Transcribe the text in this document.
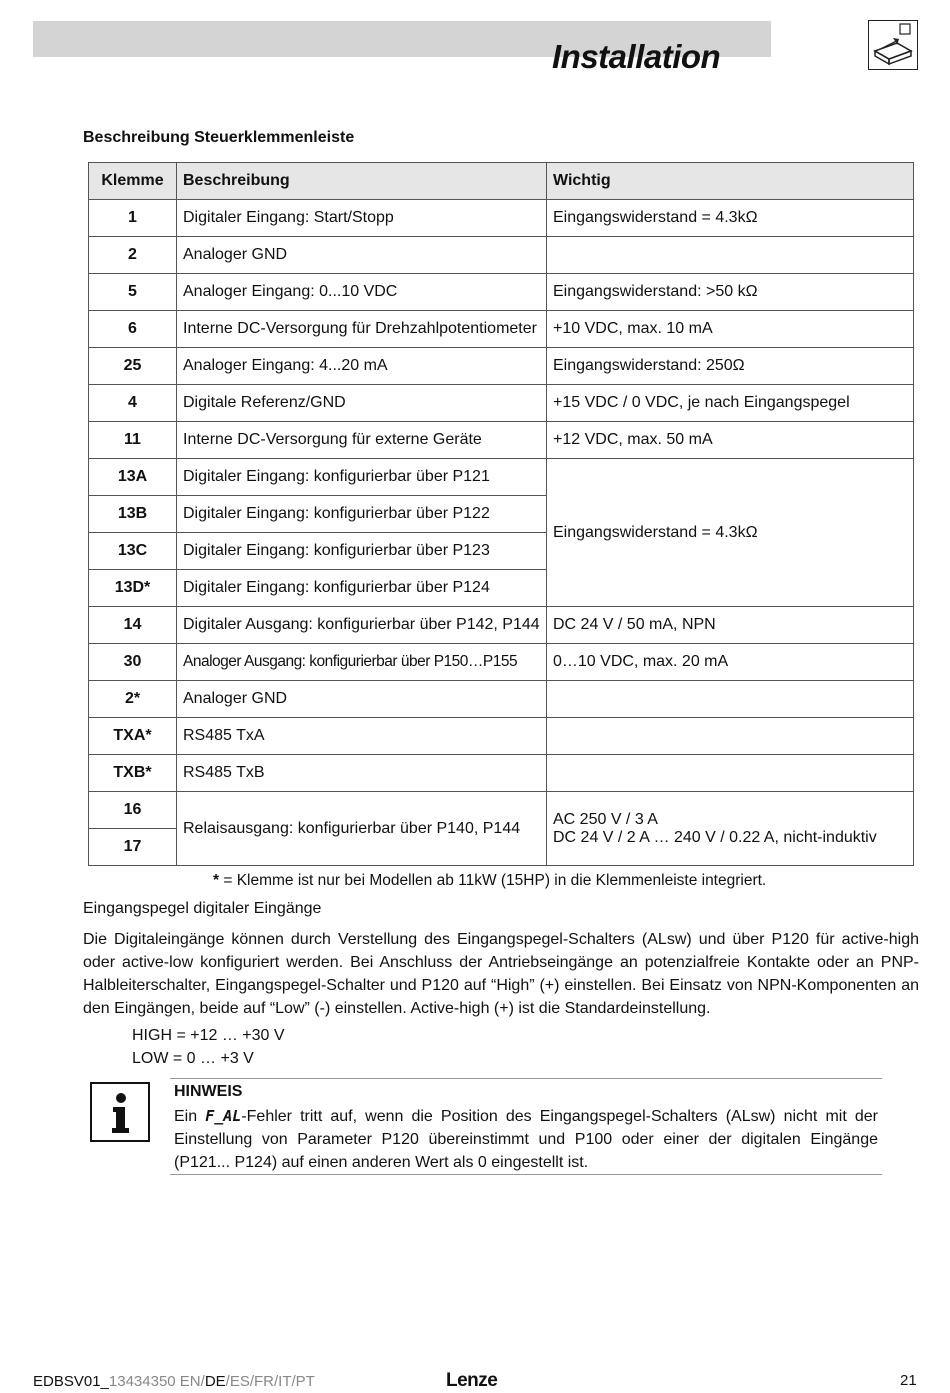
Installation
Beschreibung Steuerklemmenleiste
Klemme	Beschreibung	Wichtig
1	Digitaler Eingang: Start/Stopp	Eingangswiderstand = 4.3kΩ
2	Analoger GND	
5	Analoger Eingang: 0...10 VDC	Eingangswiderstand: >50 kΩ
6	Interne DC-Versorgung für Drehzahlpotentiometer	+10 VDC, max. 10 mA
25	Analoger Eingang: 4...20 mA	Eingangswiderstand: 250Ω
4	Digitale Referenz/GND	+15 VDC / 0 VDC, je nach Eingangspegel
11	Interne DC-Versorgung für externe Geräte	+12 VDC, max. 50 mA
13A	Digitaler Eingang: konfigurierbar über P121	Eingangswiderstand = 4.3kΩ
13B	Digitaler Eingang: konfigurierbar über P122	
13C	Digitaler Eingang: konfigurierbar über P123	
13D*	Digitaler Eingang: konfigurierbar über P124	
14	Digitaler Ausgang: konfigurierbar über P142, P144	DC 24 V / 50 mA, NPN
30	Analoger Ausgang: konfigurierbar über P150…P155	0…10 VDC, max. 20 mA
2*	Analoger GND	
TXA*	RS485 TxA	
TXB*	RS485 TxB	
16	Relaisausgang: konfigurierbar über P140, P144	AC 250 V / 3 A
DC 24 V / 2 A … 240 V / 0.22 A, nicht-induktiv

17		
* = Klemme ist nur bei Modellen ab 11kW (15HP) in die Klemmenleiste integriert.
Eingangspegel digitaler Eingänge
Die Digitaleingänge können durch Verstellung des Eingangspegel-Schalters (ALsw) und über P120 für active-high oder active-low konfiguriert werden. Bei Anschluss der Antriebseingänge an potenzialfreie Kontakte oder an PNP-Halbleiterschalter, Eingangspegel-Schalter und P120 auf “High” (+) einstellen. Bei Einsatz von NPN-Komponenten an den Eingängen, beide auf “Low” (-) einstellen. Active-high (+) ist die Standardeinstellung.
HIGH = +12 … +30 V
LOW = 0 … +3 V
HINWEIS
Ein F_AL-Fehler tritt auf, wenn die Position des Eingangspegel-Schalters (ALsw) nicht mit der Einstellung von Parameter P120 übereinstimmt und P100 oder einer der digitalen Eingänge (P121... P124) auf einen anderen Wert als 0 eingestellt ist.
EDBSV01_13434350 EN/DE/ES/FR/IT/PT	Lenze	21
